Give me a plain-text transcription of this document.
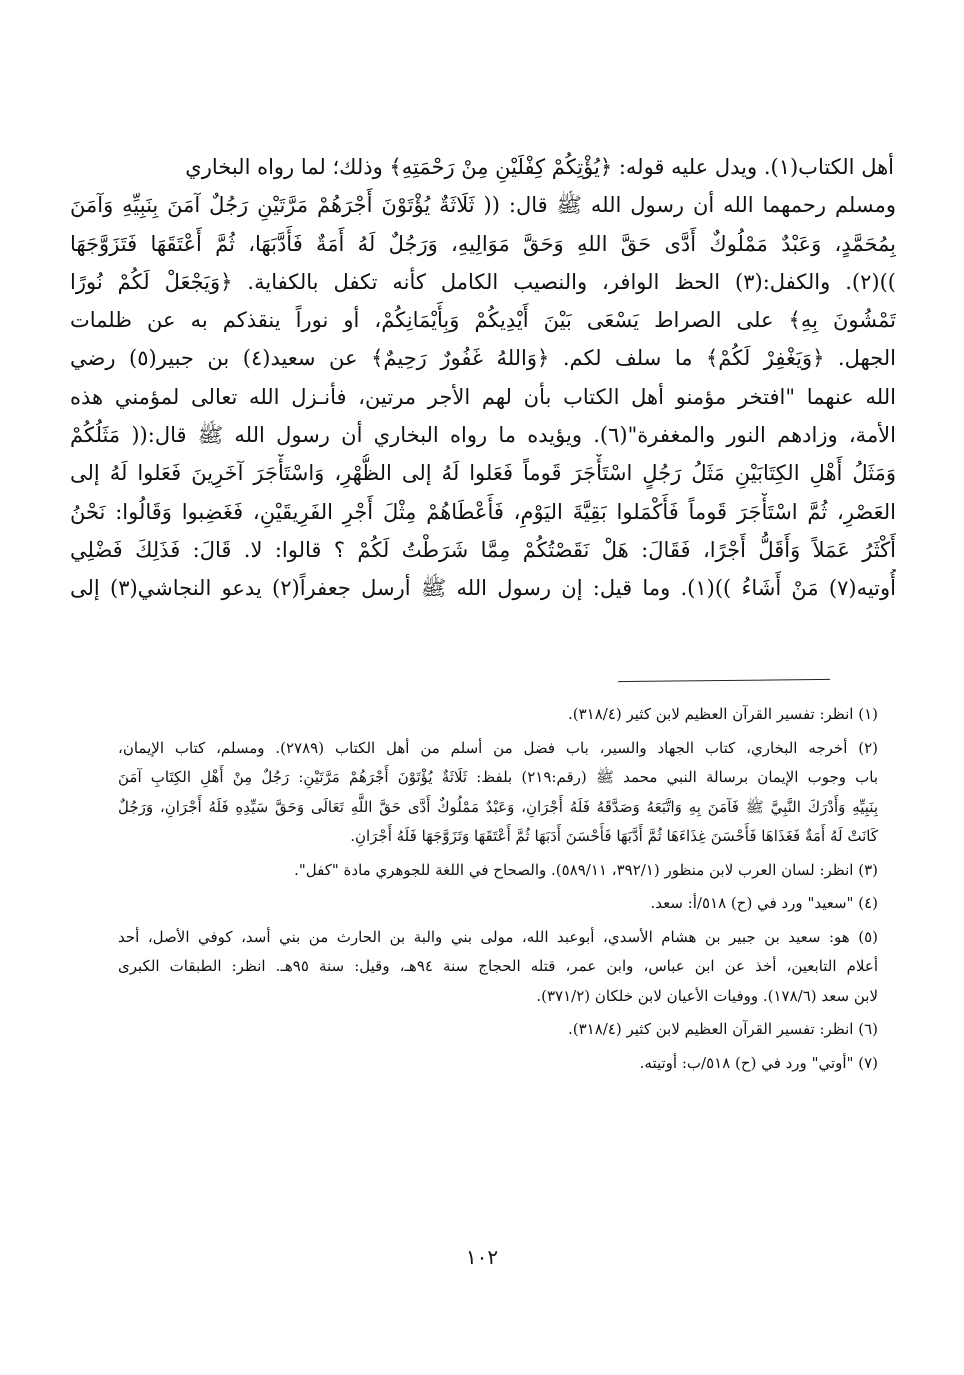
أهل الكتاب(١). ويدل عليه قوله: ﴿يُؤْتِكُمْ كِفْلَيْنِ مِنْ رَحْمَتِهِ﴾ وذلك؛ لما رواه البخاري
ومسلم رحمهما الله أن رسول الله ﷺ قال: (( ثَلَاثَةٌ يُؤْتَوْنَ أَجْرَهُمْ مَرَّتَيْنِ رَجُلٌ آمَنَ بِنَبِيِّهِ وَآمَنَ
بِمُحَمَّدٍ، وَعَبْدٌ مَمْلُوكٌ أَدَّى حَقَّ اللهِ وَحَقَّ مَوَالِيهِ، وَرَجُلٌ لَهُ أَمَةٌ فَأَدَّبَهَا، ثُمَّ أَعْتَقَهَا فَتَزَوَّجَهَا
))(٢). والكفل:(٣) الحظ الوافر، والنصيب الكامل كأنه تكفل بالكفاية. ﴿وَيَجْعَلْ لَكُمْ نُورًا
تَمْشُونَ بِهِ﴾ على الصراط يَسْعَى بَيْنَ أَيْدِيكُمْ وَبِأَيْمَانِكُمْ، أو نوراً ينقذكم به عن ظلمات
الجهل. ﴿وَيَغْفِرْ لَكُمْ﴾ ما سلف لكم. ﴿وَاللهُ غَفُورٌ رَحِيمٌ﴾ عن سعيد(٤) بن جبير(٥) رضي
الله عنهما "افتخر مؤمنو أهل الكتاب بأن لهم الأجر مرتين، فأنـزل الله تعالى لمؤمني هذه
الأمة، وزادهم النور والمغفرة"(٦). ويؤيده ما رواه البخاري أن رسول الله ﷺ قال:(( مَثَلُكُمْ
وَمَثَلُ أَهْلِ الكِتَابَيْنِ مَثَلُ رَجُلٍ اسْتَأْجَرَ قَوماً فَعَلوا لَهُ إلى الظُّهْرِ، وَاسْتَأْجَرَ آخَرِينَ فَعَلوا لَهُ إلى
العَصْرِ، ثُمَّ اسْتَأْجَرَ قَوماً فَأَكْمَلوا بَقِيَّةَ اليَوْمِ، فَأَعْطَاهُمْ مِثْلَ أَجْرِ الفَرِيقَيْنِ، فَغَضِبوا وَقَالُوا: نَحْنُ
أَكْثَرُ عَمَلاً وَأَقَلُّ أَجْرًا، فَقَالَ: هَلْ نَقَصْتُكُمْ مِمَّا شَرَطْتُ لَكُمْ ؟ قالوا: لا. قَالَ: فَذَلِكَ فَضْلِي
أُوتيه(٧) مَنْ أَشَاءُ ))(١). وما قيل: إن رسول الله ﷺ أرسل جعفراً(٢) يدعو النجاشي(٣) إلى
(١) انظر: تفسير القرآن العظيم لابن كثير (٣١٨/٤).
(٢) أخرجه البخاري، كتاب الجهاد والسير، باب فضل من أسلم من أهل الكتاب (٢٧٨٩). ومسلم، كتاب الإيمان،
باب وجوب الإيمان برسالة النبي محمد ﷺ (رقم:٢١٩) بلفظ: ثَلَاثَةٌ يُؤْتَوْنَ أَجْرَهُمْ مَرَّتَيْنِ: رَجُلٌ مِنْ أَهْلِ الكِتَابِ آمَنَ
بِنَبِيِّهِ وَأَدْرَكَ النَّبِيَّ ﷺ فَآمَنَ بِهِ وَاتَّبَعَهُ وَصَدَّقَهُ فَلَهُ أَجْرَانِ، وَعَبْدٌ مَمْلُوكٌ أَدَّى حَقَّ اللَّهِ تَعَالَى وَحَقَّ سَيِّدِهِ فَلَهُ أَجْرَانِ، وَرَجُلٌ
كَانَتْ لَهُ أَمَةٌ فَغَذَاهَا فَأَحْسَنَ غِذَاءَهَا ثُمَّ أَدَّبَهَا فَأَحْسَنَ أَدَبَهَا ثُمَّ أَعْتَقَهَا وَتَزَوَّجَهَا فَلَهُ أَجْرَانِ.
(٣) انظر: لسان العرب لابن منظور (٣٩٢/١، ٥٨٩/١١). والصحاح في اللغة للجوهري مادة "كفل".
(٤) "سعيد" ورد في (ح) ٥١٨/أ: سعد.
(٥) هو: سعيد بن جبير بن هشام الأسدي، أبوعبد الله، مولى بني والبة بن الحارث من بني أسد، كوفي الأصل، أحد
أعلام التابعين، أخذ عن ابن عباس، وابن عمر، قتله الحجاج سنة ٩٤هـ، وقيل: سنة ٩٥هـ. انظر: الطبقات الكبرى
لابن سعد (١٧٨/٦). ووفيات الأعيان لابن خلكان (٣٧١/٢).
(٦) انظر: تفسير القرآن العظيم لابن كثير (٣١٨/٤).
(٧) "أوتي" ورد في (ح) ٥١٨/ب: أوتيته.
١٠٢
